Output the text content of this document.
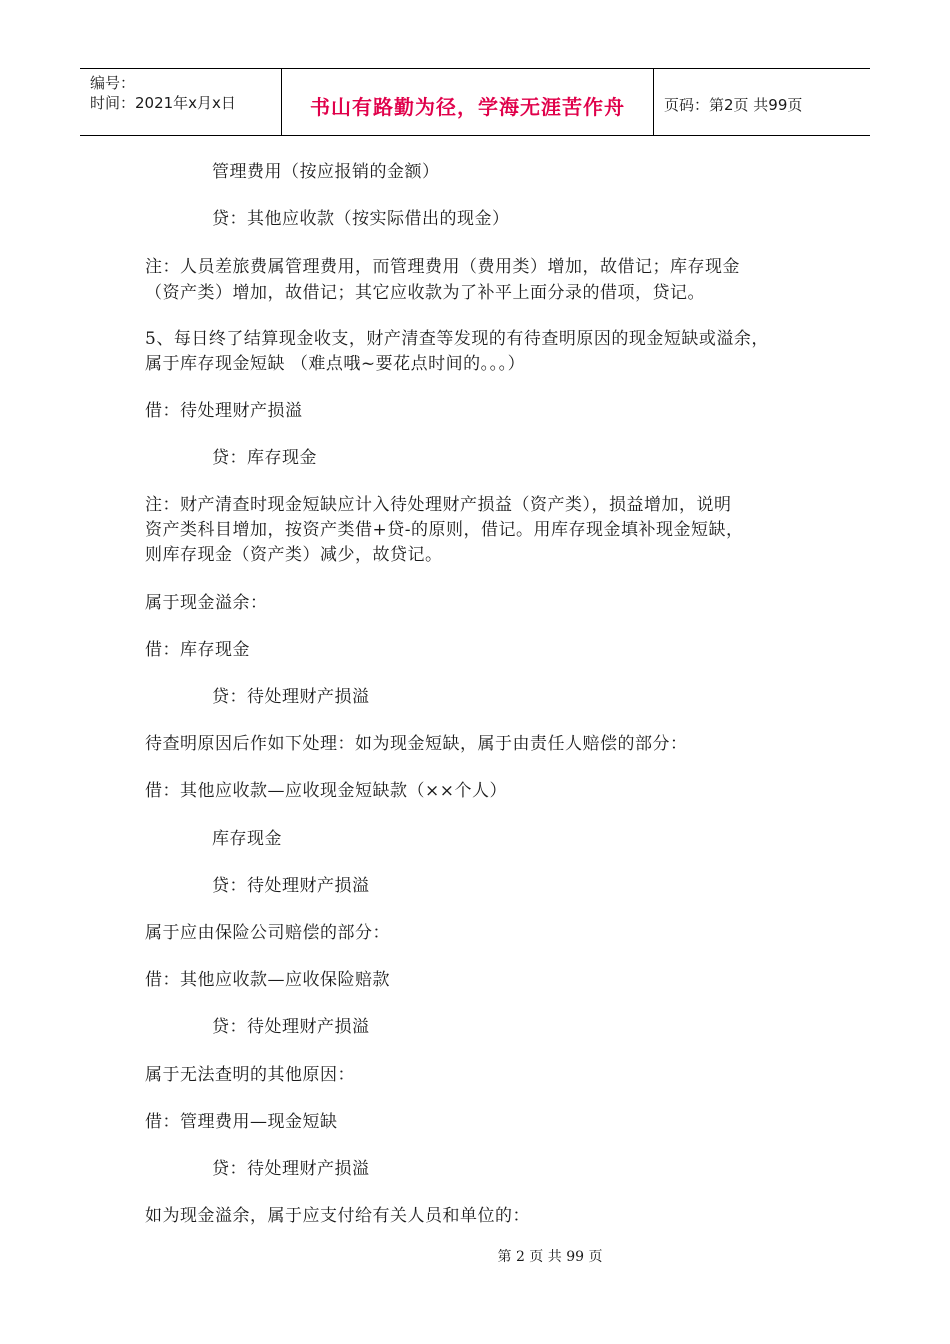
编号：
时间：2021年x月x日	书山有路勤为径，学海无涯苦作舟	页码：第2页 共99页
管理费用（按应报销的金额）
贷：其他应收款（按实际借出的现金）
注：人员差旅费属管理费用，而管理费用（费用类）增加，故借记；库存现金
（资产类）增加，故借记；其它应收款为了补平上面分录的借项，贷记。
5、每日终了结算现金收支，财产清查等发现的有待查明原因的现金短缺或溢余，
属于库存现金短缺 （难点哦~要花点时间的。。。）
借：待处理财产损溢
贷：库存现金
注：财产清查时现金短缺应计入待处理财产损益（资产类），损益增加，说明
资产类科目增加，按资产类借+贷-的原则，借记。用库存现金填补现金短缺，
则库存现金（资产类）减少，故贷记。
属于现金溢余：
借：库存现金
贷：待处理财产损溢
待查明原因后作如下处理：如为现金短缺，属于由责任人赔偿的部分：
借：其他应收款—应收现金短缺款（××个人）
库存现金
贷：待处理财产损溢
属于应由保险公司赔偿的部分：
借：其他应收款—应收保险赔款
贷：待处理财产损溢
属于无法查明的其他原因：
借：管理费用—现金短缺
贷：待处理财产损溢
如为现金溢余，属于应支付给有关人员和单位的：
第 2 页 共 99 页
